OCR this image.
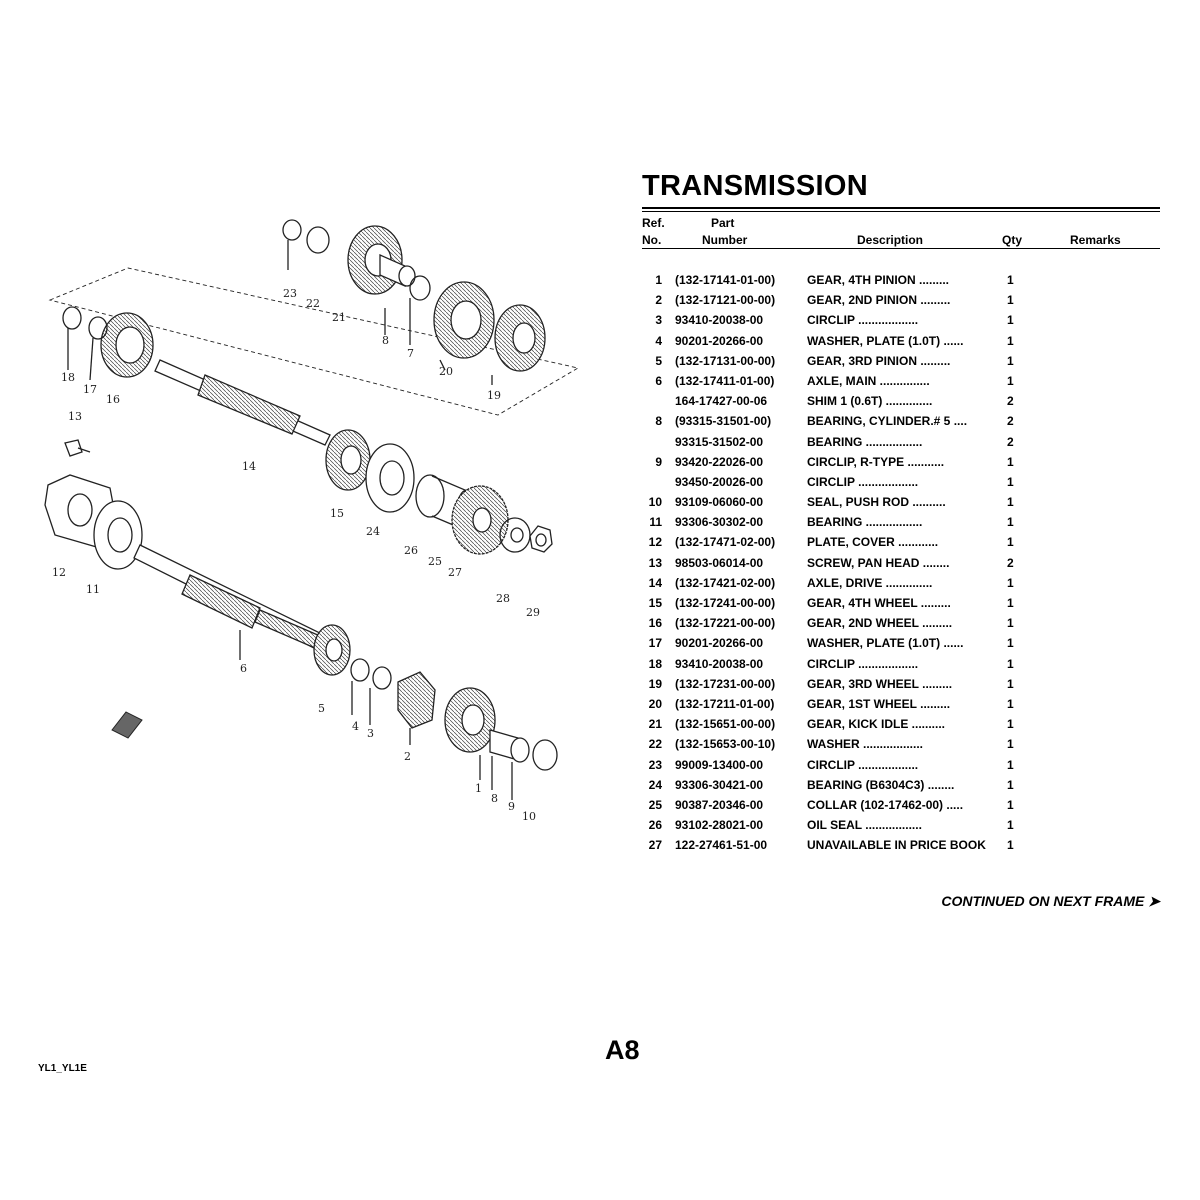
23
22
21
8
7
20
19
18
17
16
13
14
15
24
26
25
27
28
29
12
11
6
5
4
3
2
1
8
9
10
TRANSMISSION
Ref.
No.
Part
Number	Description	Qty	Remarks
1 (132-17141-01-00)	GEAR, 4TH PINION .........	1
2 (132-17121-00-00)	GEAR, 2ND PINION .........	1
3 93410-20038-00	CIRCLIP ..................	1
4 90201-20266-00	WASHER, PLATE (1.0T) ......	1
5 (132-17131-00-00)	GEAR, 3RD PINION .........	1
6 (132-17411-01-00)	AXLE, MAIN ...............	1
164-17427-00-06	SHIM 1 (0.6T) ..............	2
8 (93315-31501-00)	BEARING, CYLINDER.# 5 ....	2
93315-31502-00	BEARING .................	2
9 93420-22026-00	CIRCLIP, R-TYPE ...........	1
93450-20026-00	CIRCLIP ..................	1
10 93109-06060-00	SEAL, PUSH ROD ..........	1
11 93306-30302-00	BEARING .................	1
12 (132-17471-02-00)	PLATE, COVER ............	1
13 98503-06014-00	SCREW, PAN HEAD ........	2
14 (132-17421-02-00)	AXLE, DRIVE ..............	1
15 (132-17241-00-00)	GEAR, 4TH WHEEL .........	1
16 (132-17221-00-00)	GEAR, 2ND WHEEL .........	1
17 90201-20266-00	WASHER, PLATE (1.0T) ......	1
18 93410-20038-00	CIRCLIP ..................	1
19 (132-17231-00-00)	GEAR, 3RD WHEEL .........	1
20 (132-17211-01-00)	GEAR, 1ST WHEEL .........	1
21 (132-15651-00-00)	GEAR, KICK IDLE ..........	1
22 (132-15653-00-10)	WASHER ..................	1
23 99009-13400-00	CIRCLIP ..................	1
24 93306-30421-00	BEARING (B6304C3) ........	1
25 90387-20346-00	COLLAR (102-17462-00) .....	1
26 93102-28021-00	OIL SEAL .................	1
27 122-27461-51-00	UNAVAILABLE IN PRICE BOOK 1
CONTINUED ON NEXT FRAME ➤
A8
YL1_YL1E
